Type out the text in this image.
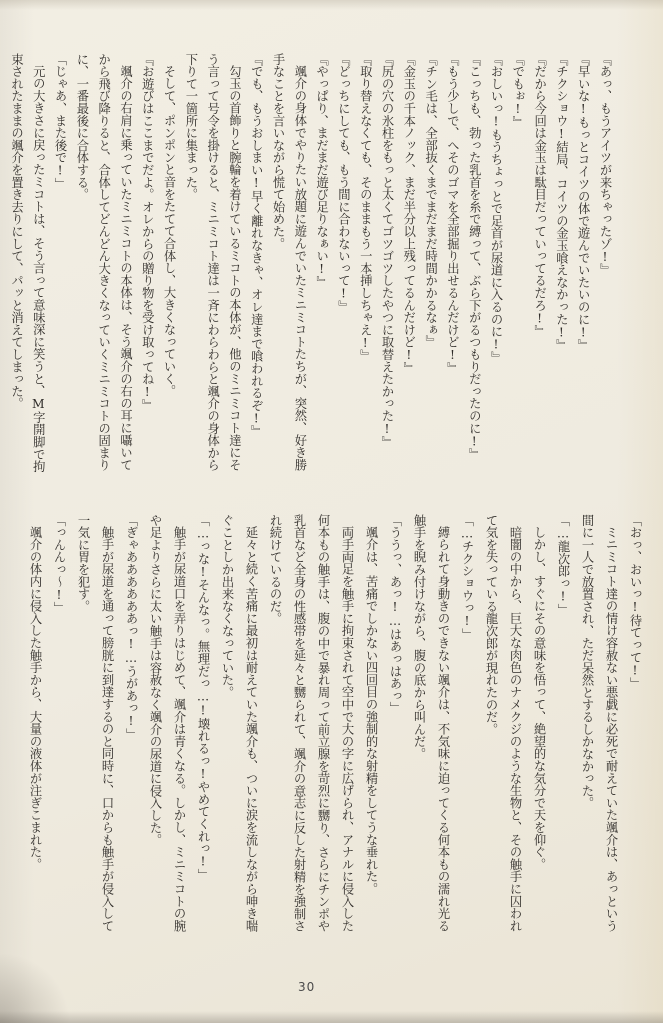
『あっ、もうアイツが来ちゃったゾ!』

『早いな!もっとコイツの体で遊んでいたいのに!』

『チクショウ!結局、コイツの金玉喰えなかった!』

『だから今回は金玉は駄目だっていってるだろ!』

『でもぉ!』

『おしいっ!もうちょっとで足首が尿道に入るのに!』

『こっちも、勃った乳首を糸で縛って、ぶら下がるつもりだったのに!』

『もう少しで、へそのゴマを全部掘り出せるんだけど!』

『チン毛は、全部抜くまでまだまだ時間かかるなぁ』

『金玉の千本ノック、まだ半分以上残ってるんだけど!』

『尻の穴の氷柱をもっと太くてゴツゴツしたやつに取替えたかった!』

『取り替えなくても、そのままもう一本挿しちゃえ!』

『どっちにしても、もう間に合わないって!』

『やっぱり、まだまだ遊び足りなぁい!』

颯介の身体でやりたい放題に遊んでいたミニミコトたちが、突然、好き勝

手なことを言いながら慌て始めた。

『でも、もうおしまい!早く離れなきゃ、オレ達まで喰われるぞ!』

勾玉の首飾りと腕輪を着けているミコトの本体が、他のミニミコト達にそ

う言って号令を掛けると、ミニミコト達は一斉にわらわらと颯介の身体から

下りて一箇所に集まった。

そして、ポンポンと音をたてて合体し、大きくなっていく。

『お遊びはここまでだよ。オレからの贈り物を受け取ってね!』

颯介の右肩に乗っていたミニミコトの本体は、そう颯介の右の耳に囁いて

から飛び降りると、合体してどんどん大きくなっていくミニミコトの固まり

に、一番最後に合体する。

「じゃあ、また後で!」

元の大きさに戻ったミコトは、そう言って意味深に笑うと、M字開脚で拘

束されたままの颯介を置き去りにして、パッと消えてしまった。

「おっ、おいっ!待てって!」

ミニミコト達の情け容赦ない悪戯に必死で耐えていた颯介は、あっという

間に一人で放置され、ただ呆然とするしかなかった。

「…龍次郎っ!」

しかし、すぐにその意味を悟って、絶望的な気分で天を仰ぐ。

暗闇の中から、巨大な肉色のナメクジのような生物と、その触手に囚われ

て気を失っている龍次郎が現れたのだ。

「…チクショウっ!」

縛られて身動きのできない颯介は、不気味に迫ってくる何本もの濡れ光る

触手を睨み付けながら、腹の底から叫んだ。

「ううっ、あっ!…はあっはあっ」

颯介は、苦痛でしかない四回目の強制的な射精をしてうな垂れた。

両手両足を触手に拘束されて空中で大の字に広げられ、アナルに侵入した

何本もの触手は、腹の中で暴れ周って前立腺を苛烈に嬲り、さらにチンポや

乳首など全身の性感帯を延々と嬲られて、颯介の意志に反した射精を強制さ

れ続けているのだ。

延々と続く苦痛に最初は耐えていた颯介も、ついに涙を流しながら呻き喘

ぐことしか出来なくなっていた。

「…っな!そんなっ。無理だっ…!壊れるっ!やめてくれっ!」

触手が尿道口を弄りはじめて、颯介は青くなる。しかし、ミニミコトの腕

や足よりさらに太い触手は容赦なく颯介の尿道に侵入した。

「ぎゃああああああっ!…うがあっ!」

触手が尿道を通って膀胱に到達するのと同時に、口からも触手が侵入して

一気に胃を犯す。

「っんんっ〜!」

颯介の体内に侵入した触手から、大量の液体が注ぎこまれた。

30
